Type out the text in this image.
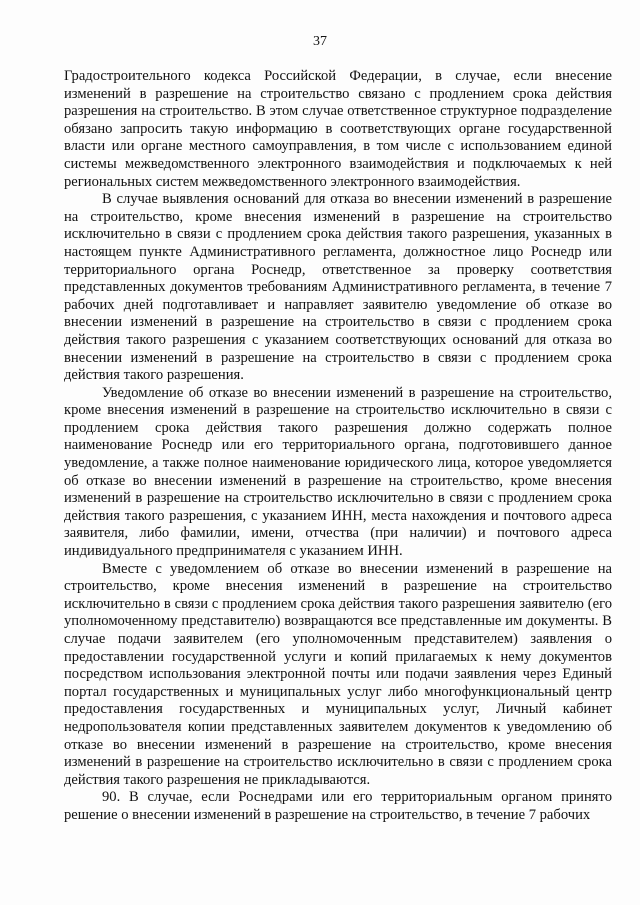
37

Градостроительного кодекса Российской Федерации, в случае, если внесение изменений в разрешение на строительство связано с продлением срока действия разрешения на строительство. В этом случае ответственное структурное подразделение обязано запросить такую информацию в соответствующих органе государственной власти или органе местного самоуправления, в том числе с использованием единой системы межведомственного электронного взаимодействия и подключаемых к ней региональных систем межведомственного электронного взаимодействия.

В случае выявления оснований для отказа во внесении изменений в разрешение на строительство, кроме внесения изменений в разрешение на строительство исключительно в связи с продлением срока действия такого разрешения, указанных в настоящем пункте Административного регламента, должностное лицо Роснедр или территориального органа Роснедр, ответственное за проверку соответствия представленных документов требованиям Административного регламента, в течение 7 рабочих дней подготавливает и направляет заявителю уведомление об отказе во внесении изменений в разрешение на строительство в связи с продлением срока действия такого разрешения с указанием соответствующих оснований для отказа во внесении изменений в разрешение на строительство в связи с продлением срока действия такого разрешения.

Уведомление об отказе во внесении изменений в разрешение на строительство, кроме внесения изменений в разрешение на строительство исключительно в связи с продлением срока действия такого разрешения должно содержать полное наименование Роснедр или его территориального органа, подготовившего данное уведомление, а также полное наименование юридического лица, которое уведомляется об отказе во внесении изменений в разрешение на строительство, кроме внесения изменений в разрешение на строительство исключительно в связи с продлением срока действия такого разрешения, с указанием ИНН, места нахождения и почтового адреса заявителя, либо фамилии, имени, отчества (при наличии) и почтового адреса индивидуального предпринимателя с указанием ИНН.

Вместе с уведомлением об отказе во внесении изменений в разрешение на строительство, кроме внесения изменений в разрешение на строительство исключительно в связи с продлением срока действия такого разрешения заявителю (его уполномоченному представителю) возвращаются все представленные им документы. В случае подачи заявителем (его уполномоченным представителем) заявления о предоставлении государственной услуги и копий прилагаемых к нему документов посредством использования электронной почты или подачи заявления через Единый портал государственных и муниципальных услуг либо многофункциональный центр предоставления государственных и муниципальных услуг, Личный кабинет недропользователя копии представленных заявителем документов к уведомлению об отказе во внесении изменений в разрешение на строительство, кроме внесения изменений в разрешение на строительство исключительно в связи с продлением срока действия такого разрешения не прикладываются.

90. В случае, если Роснедрами или его территориальным органом принято решение о внесении изменений в разрешение на строительство, в течение 7 рабочих
